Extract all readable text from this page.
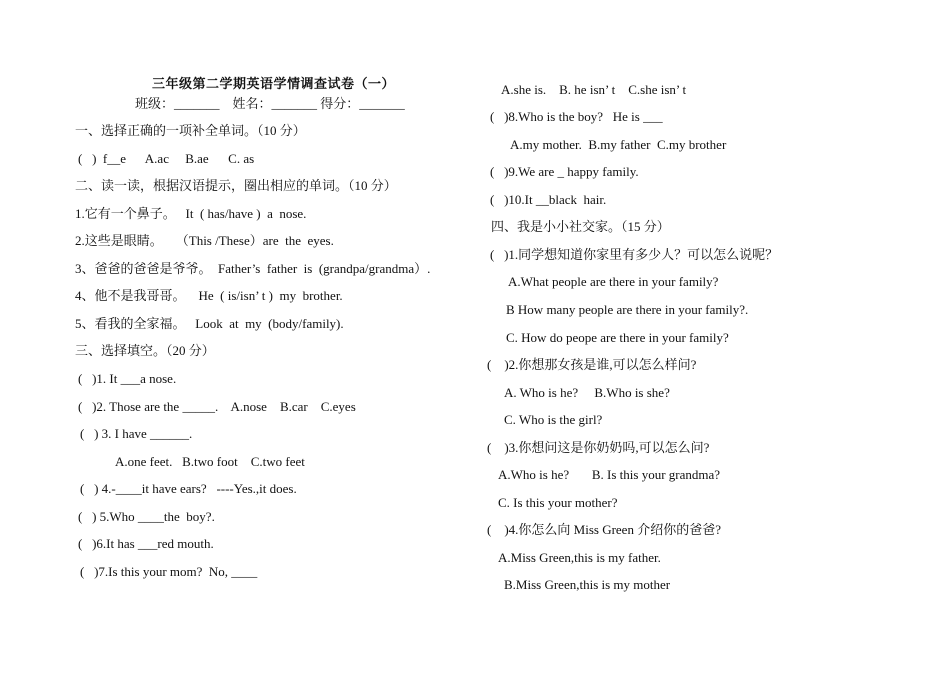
三年级第二学期英语学情调查试卷（一）
班级：_______    姓名：_______ 得分：_______
一、选择正确的一项补全单词。（10 分）
(   )  f__e      A.ac     B.ae      C. as
二、读一读，根据汉语提示，圈出相应的单词。（10 分）
1.它有一个鼻子。   It  ( has/have )  a  nose.
2.这些是眼睛。    （This /These）are  the  eyes.
3、爸爸的爸爸是爷爷。  Father’s  father  is  (grandpa/grandma）.
4、他不是我哥哥。    He  ( is/isn’ t )  my  brother.
5、看我的全家福。   Look  at  my  (body/family).
三、选择填空。（20 分）
(   )1. It ___a nose.
(   )2. Those are the _____.    A.nose    B.car    C.eyes
(   ) 3. I have ______.
A.one feet.   B.two foot    C.two feet
(   ) 4.-____it have ears?   ----Yes.,it does.
(   ) 5.Who ____the  boy?.
(   )6.It has ___red mouth.
(   )7.Is this your mom?  No, ____
A.she is.    B. he isn’ t    C.she isn’ t
(   )8.Who is the boy?   He is ___
A.my mother.  B.my father  C.my brother
(   )9.We are _ happy family.
(   )10.It __black  hair.
四、我是小小社交家。（15 分）
(   )1.同学想知道你家里有多少人？可以怎么说呢？
A.What people are there in your family?
B How many people are there in your family?.
C. How do peope are there in your family?
(    )2.你想那女孩是谁,可以怎么样问?
A. Who is he?     B.Who is she?
C. Who is the girl?
(    )3.你想问这是你奶奶吗,可以怎么问?
A.Who is he?       B. Is this your grandma?
C. Is this your mother?
(    )4.你怎么向 Miss Green 介绍你的爸爸?
A.Miss Green,this is my father.
B.Miss Green,this is my mother
